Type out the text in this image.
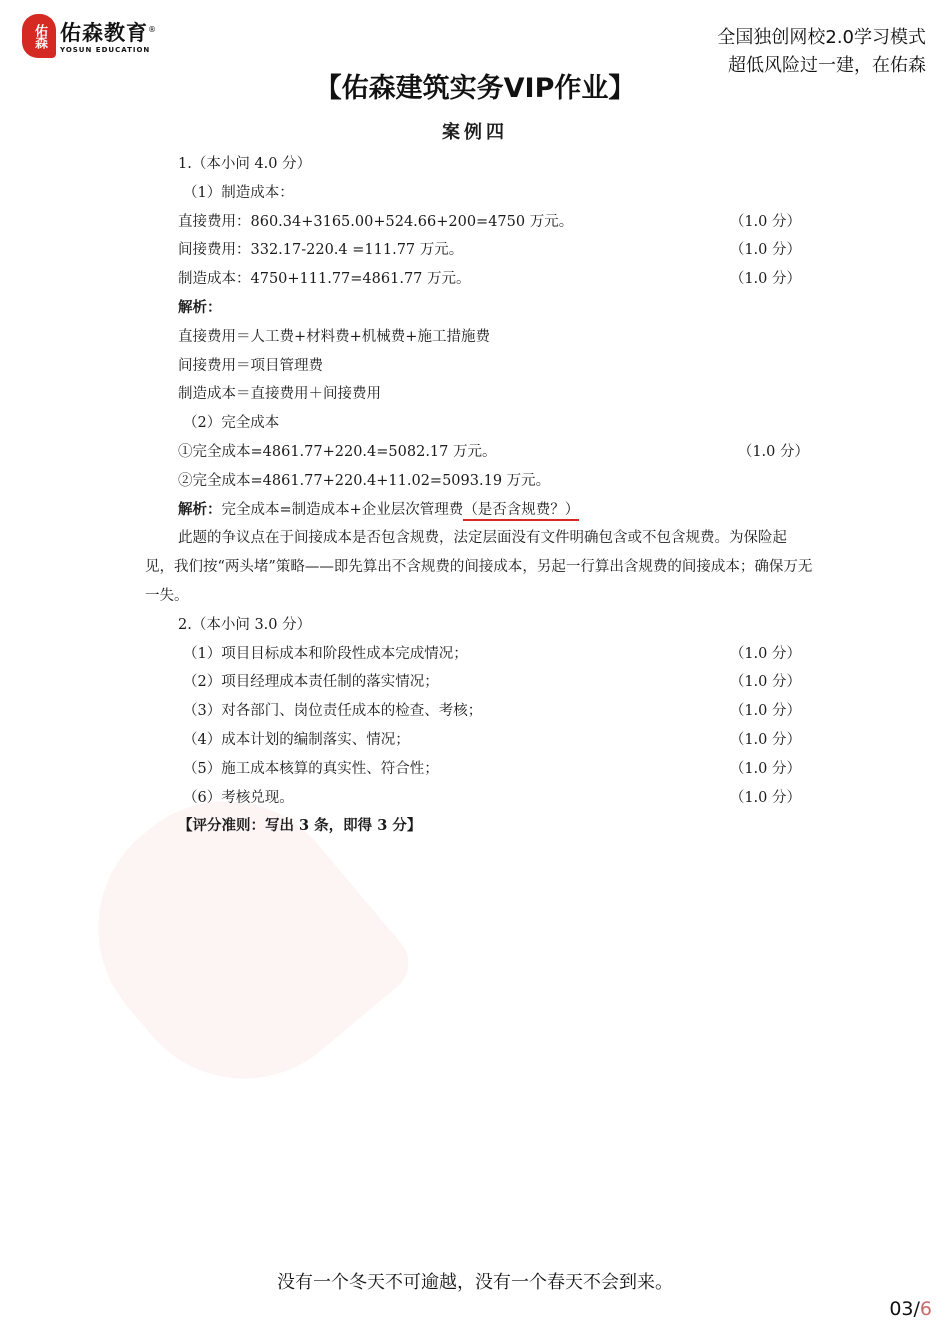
佑森 佑森教育®
YOSUN EDUCATION
全国独创网校2.0学习模式
超低风险过一建，在佑森
【佑森建筑实务VIP作业】
案例四
1.（本小问 4.0 分）
（1）制造成本：
直接费用：860.34+3165.00+524.66+200=4750 万元。	（1.0 分）
间接费用：332.17-220.4 =111.77 万元。	（1.0 分）
制造成本：4750+111.77=4861.77 万元。	（1.0 分）
解析：
直接费用＝人工费+材料费+机械费+施工措施费
间接费用＝项目管理费
制造成本＝直接费用＋间接费用
（2）完全成本
①完全成本=4861.77+220.4=5082.17 万元。	（1.0 分）
②完全成本=4861.77+220.4+11.02=5093.19 万元。
解析：完全成本=制造成本+企业层次管理费（是否含规费？）
此题的争议点在于间接成本是否包含规费，法定层面没有文件明确包含或不包含规费。为保险起见，我们按“两头堵”策略——即先算出不含规费的间接成本，另起一行算出含规费的间接成本；确保万无一失。
2.（本小问 3.0 分）
（1）项目目标成本和阶段性成本完成情况；	（1.0 分）
（2）项目经理成本责任制的落实情况；	（1.0 分）
（3）对各部门、岗位责任成本的检查、考核；	（1.0 分）
（4）成本计划的编制落实、情况；	（1.0 分）
（5）施工成本核算的真实性、符合性；	（1.0 分）
（6）考核兑现。	（1.0 分）
【评分准则：写出 3 条，即得 3 分】
没有一个冬天不可逾越，没有一个春天不会到来。
03/6
